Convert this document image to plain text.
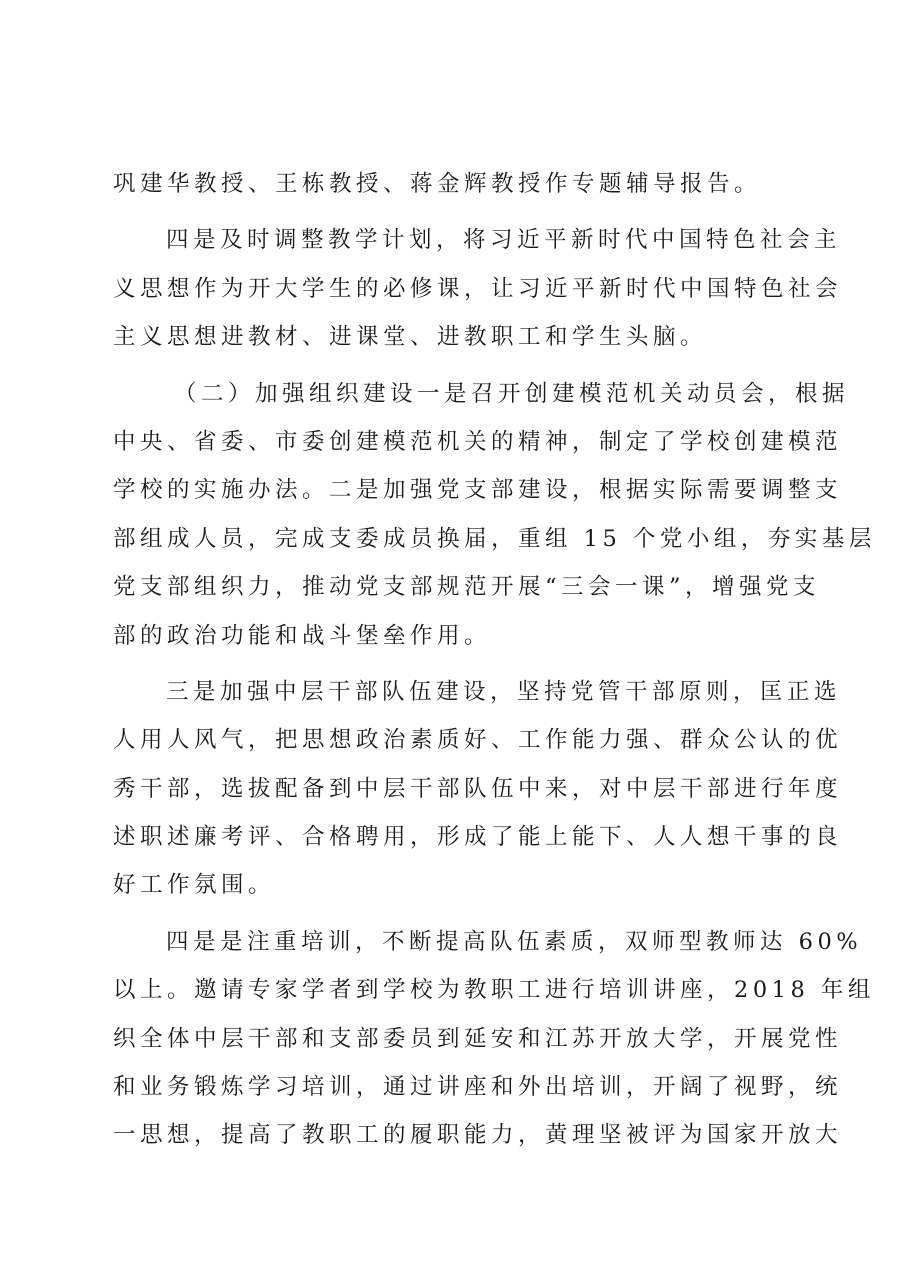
巩建华教授、王栋教授、蒋金辉教授作专题辅导报告。
四是及时调整教学计划，将习近平新时代中国特色社会主
义思想作为开大学生的必修课，让习近平新时代中国特色社会
主义思想进教材、进课堂、进教职工和学生头脑。
（二）加强组织建设一是召开创建模范机关动员会，根据
中央、省委、市委创建模范机关的精神，制定了学校创建模范
学校的实施办法。二是加强党支部建设，根据实际需要调整支
部组成人员，完成支委成员换届，重组 15 个党小组，夯实基层
党支部组织力，推动党支部规范开展“三会一课”，增强党支
部的政治功能和战斗堡垒作用。
三是加强中层干部队伍建设，坚持党管干部原则，匡正选
人用人风气，把思想政治素质好、工作能力强、群众公认的优
秀干部，选拔配备到中层干部队伍中来，对中层干部进行年度
述职述廉考评、合格聘用，形成了能上能下、人人想干事的良
好工作氛围。
四是是注重培训，不断提高队伍素质，双师型教师达 60%
以上。邀请专家学者到学校为教职工进行培训讲座，2018 年组
织全体中层干部和支部委员到延安和江苏开放大学，开展党性
和业务锻炼学习培训，通过讲座和外出培训，开阔了视野，统
一思想，提高了教职工的履职能力，黄理坚被评为国家开放大
